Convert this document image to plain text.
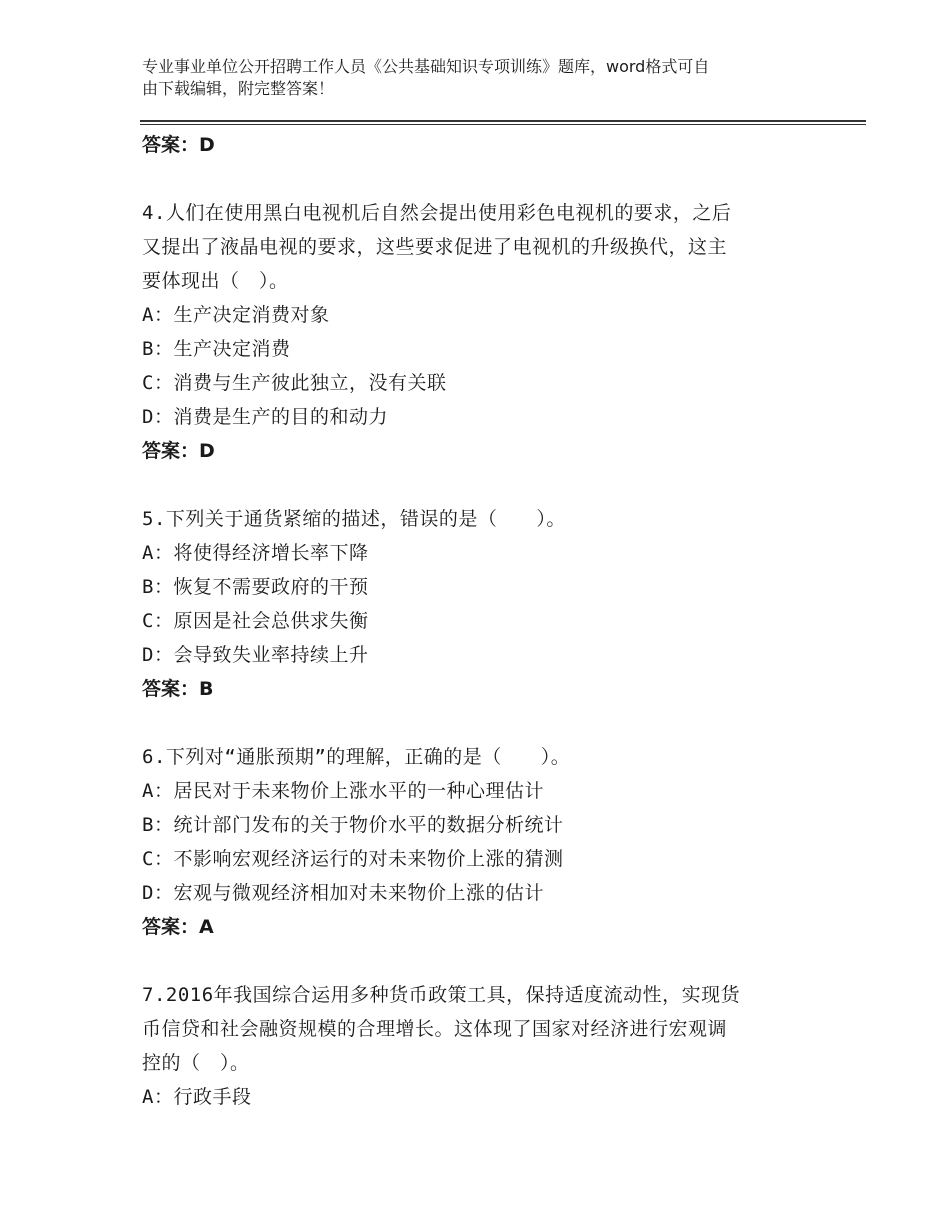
专业事业单位公开招聘工作人员《公共基础知识专项训练》题库，word格式可自
由下载编辑，附完整答案！
答案：D
4.人们在使用黑白电视机后自然会提出使用彩色电视机的要求，之后
又提出了液晶电视的要求，这些要求促进了电视机的升级换代，这主
要体现出（　）。
A：生产决定消费对象
B：生产决定消费
C：消费与生产彼此独立，没有关联
D：消费是生产的目的和动力
答案：D
5.下列关于通货紧缩的描述，错误的是（　　）。
A：将使得经济增长率下降
B：恢复不需要政府的干预
C：原因是社会总供求失衡
D：会导致失业率持续上升
答案：B
6.下列对“通胀预期”的理解，正确的是（　　）。
A：居民对于未来物价上涨水平的一种心理估计
B：统计部门发布的关于物价水平的数据分析统计
C：不影响宏观经济运行的对未来物价上涨的猜测
D：宏观与微观经济相加对未来物价上涨的估计
答案：A
7.2016年我国综合运用多种货币政策工具，保持适度流动性，实现货
币信贷和社会融资规模的合理增长。这体现了国家对经济进行宏观调
控的（　）。
A：行政手段
